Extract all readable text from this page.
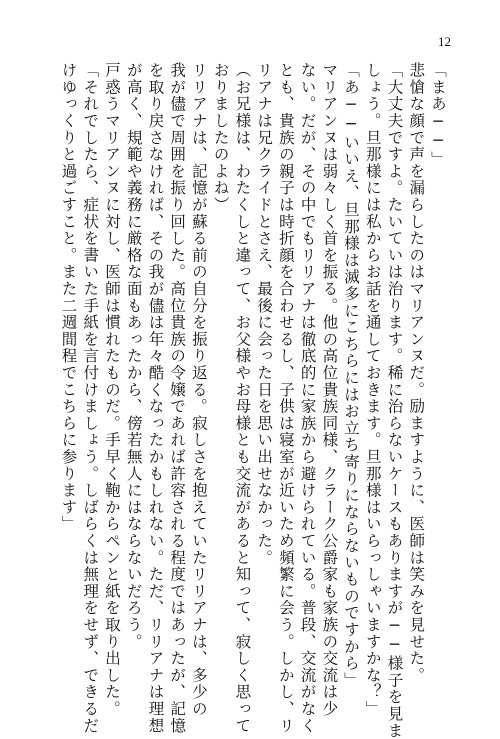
12
「まあ──」
悲愴な顔で声を漏らしたのはマリアンヌだ。励ますように、医師は笑みを見せた。
「大丈夫ですよ。たいていは治ります。稀に治らないケースもありますが──様子を見ま
しょう。旦那様には私からお話を通しておきます。旦那様はいらっしゃいますかな？」
「あ──いいえ、旦那様は滅多にこちらにはお立ち寄りにならないものですから」
マリアンヌは弱々しく首を振る。他の高位貴族同様、クラーク公爵家も家族の交流は少
ない。だが、その中でもリリアナは徹底的に家族から避けられている。普段、交流がなく
とも、貴族の親子は時折顔を合わせるし、子供は寝室が近いため頻繁に会う。しかし、リ
リアナは兄クライドとさえ、最後に会った日を思い出せなかった。
（お兄様は、わたくしと違って、お父様やお母様とも交流があると知って、寂しく思って
おりましたのよね）
リリアナは、記憶が蘇る前の自分を振り返る。寂しさを抱えていたリリアナは、多少の
我が儘で周囲を振り回した。高位貴族の令嬢であれば許容される程度ではあったが、記憶
を取り戻さなければ、その我が儘は年々酷くなったかもしれない。ただ、リリアナは理想
が高く、規範や義務に厳格な面もあったから、傍若無人にはならないだろう。
戸惑うマリアンヌに対し、医師は慣れたものだ。手早く鞄からペンと紙を取り出した。
「それでしたら、症状を書いた手紙を言付けましょう。しばらくは無理をせず、できるだ
けゆっくりと過ごすこと。また二週間程でこちらに参ります」
